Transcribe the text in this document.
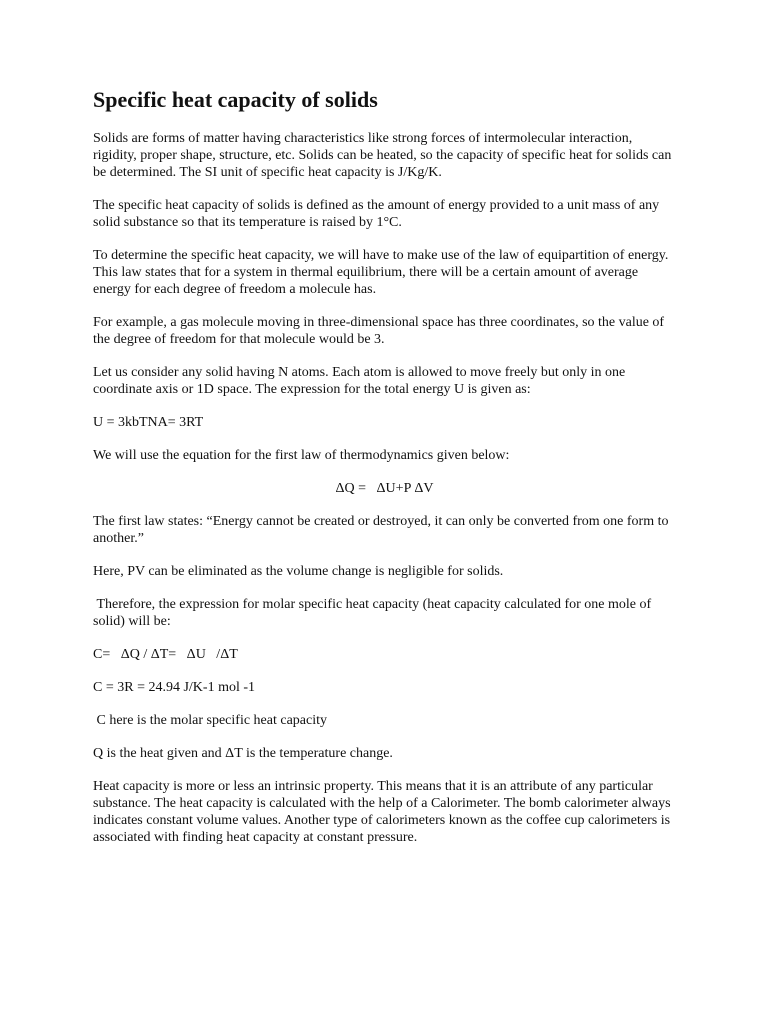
Specific heat capacity of solids

Solids are forms of matter having characteristics like strong forces of intermolecular interaction, rigidity, proper shape, structure, etc. Solids can be heated, so the capacity of specific heat for solids can be determined. The SI unit of specific heat capacity is J/Kg/K.

The specific heat capacity of solids is defined as the amount of energy provided to a unit mass of any solid substance so that its temperature is raised by 1°C.

To determine the specific heat capacity, we will have to make use of the law of equipartition of energy. This law states that for a system in thermal equilibrium, there will be a certain amount of average energy for each degree of freedom a molecule has.

For example, a gas molecule moving in three-dimensional space has three coordinates, so the value of the degree of freedom for that molecule would be 3.

Let us consider any solid having N atoms. Each atom is allowed to move freely but only in one coordinate axis or 1D space. The expression for the total energy U is given as:

U = 3kbTNA= 3RT

We will use the equation for the first law of thermodynamics given below:

ΔQ =   ΔU+P ΔV

The first law states: “Energy cannot be created or destroyed, it can only be converted from one form to another.”

Here, PV can be eliminated as the volume change is negligible for solids.

Therefore, the expression for molar specific heat capacity (heat capacity calculated for one mole of solid) will be:

C=   ΔQ / ΔT=   ΔU   /ΔT

C = 3R = 24.94 J/K-1 mol -1

C here is the molar specific heat capacity

Q is the heat given and ΔT is the temperature change.

Heat capacity is more or less an intrinsic property. This means that it is an attribute of any particular substance. The heat capacity is calculated with the help of a Calorimeter. The bomb calorimeter always indicates constant volume values. Another type of calorimeters known as the coffee cup calorimeters is associated with finding heat capacity at constant pressure.
